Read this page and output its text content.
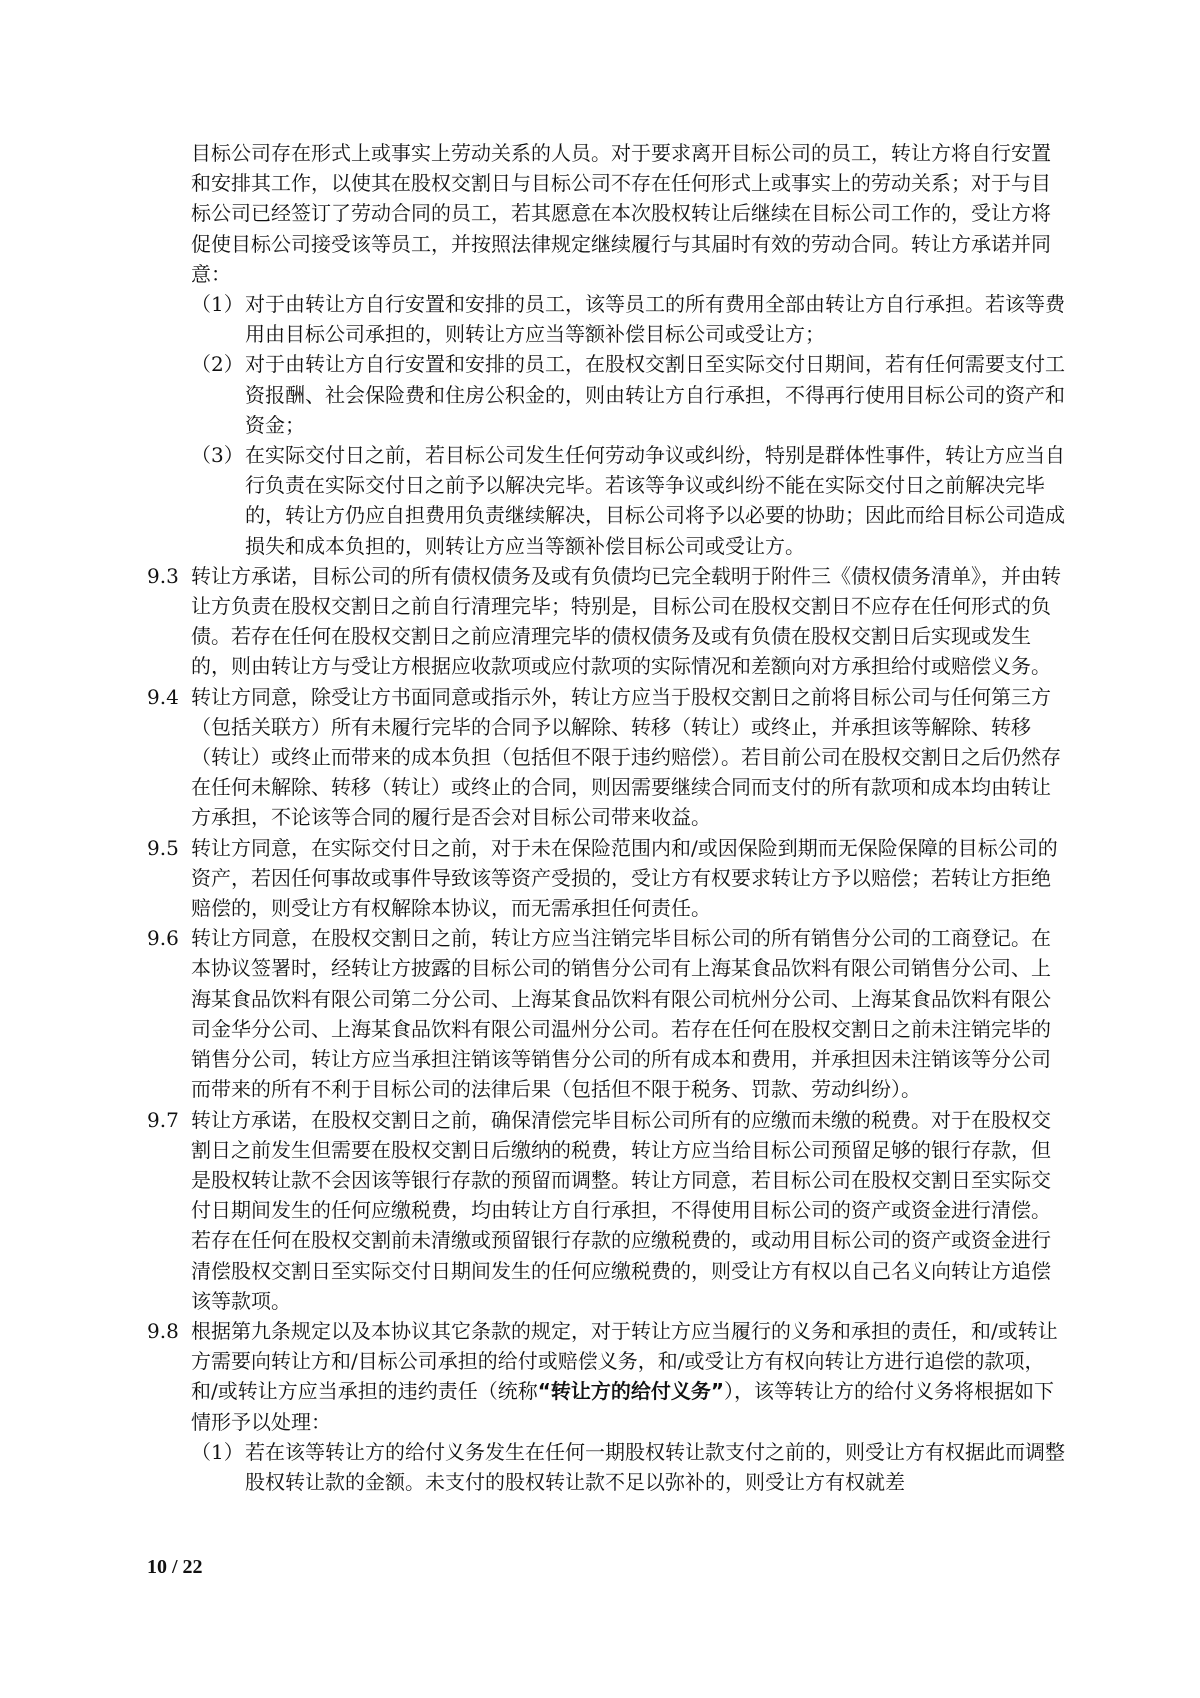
目标公司存在形式上或事实上劳动关系的人员。对于要求离开目标公司的员工，转让方将自行安置和安排其工作，以使其在股权交割日与目标公司不存在任何形式上或事实上的劳动关系；对于与目标公司已经签订了劳动合同的员工，若其愿意在本次股权转让后继续在目标公司工作的，受让方将促使目标公司接受该等员工，并按照法律规定继续履行与其届时有效的劳动合同。转让方承诺并同意：

（1） 对于由转让方自行安置和安排的员工，该等员工的所有费用全部由转让方自行承担。若该等费用由目标公司承担的，则转让方应当等额补偿目标公司或受让方；

（2） 对于由转让方自行安置和安排的员工，在股权交割日至实际交付日期间，若有任何需要支付工资报酬、社会保险费和住房公积金的，则由转让方自行承担，不得再行使用目标公司的资产和资金；

（3） 在实际交付日之前，若目标公司发生任何劳动争议或纠纷，特别是群体性事件，转让方应当自行负责在实际交付日之前予以解决完毕。若该等争议或纠纷不能在实际交付日之前解决完毕的，转让方仍应自担费用负责继续解决，目标公司将予以必要的协助；因此而给目标公司造成损失和成本负担的，则转让方应当等额补偿目标公司或受让方。

9.3 转让方承诺，目标公司的所有债权债务及或有负债均已完全载明于附件三《债权债务清单》，并由转让方负责在股权交割日之前自行清理完毕；特别是，目标公司在股权交割日不应存在任何形式的负债。若存在任何在股权交割日之前应清理完毕的债权债务及或有负债在股权交割日后实现或发生的，则由转让方与受让方根据应收款项或应付款项的实际情况和差额向对方承担给付或赔偿义务。

9.4 转让方同意，除受让方书面同意或指示外，转让方应当于股权交割日之前将目标公司与任何第三方（包括关联方）所有未履行完毕的合同予以解除、转移（转让）或终止，并承担该等解除、转移（转让）或终止而带来的成本负担（包括但不限于违约赔偿）。若目前公司在股权交割日之后仍然存在任何未解除、转移（转让）或终止的合同，则因需要继续合同而支付的所有款项和成本均由转让方承担，不论该等合同的履行是否会对目标公司带来收益。

9.5 转让方同意，在实际交付日之前，对于未在保险范围内和/或因保险到期而无保险保障的目标公司的资产，若因任何事故或事件导致该等资产受损的，受让方有权要求转让方予以赔偿；若转让方拒绝赔偿的，则受让方有权解除本协议，而无需承担任何责任。

9.6 转让方同意，在股权交割日之前，转让方应当注销完毕目标公司的所有销售分公司的工商登记。在本协议签署时，经转让方披露的目标公司的销售分公司有上海某食品饮料有限公司销售分公司、上海某食品饮料有限公司第二分公司、上海某食品饮料有限公司杭州分公司、上海某食品饮料有限公司金华分公司、上海某食品饮料有限公司温州分公司。若存在任何在股权交割日之前未注销完毕的销售分公司，转让方应当承担注销该等销售分公司的所有成本和费用，并承担因未注销该等分公司而带来的所有不利于目标公司的法律后果（包括但不限于税务、罚款、劳动纠纷）。

9.7 转让方承诺，在股权交割日之前，确保清偿完毕目标公司所有的应缴而未缴的税费。对于在股权交割日之前发生但需要在股权交割日后缴纳的税费，转让方应当给目标公司预留足够的银行存款，但是股权转让款不会因该等银行存款的预留而调整。转让方同意，若目标公司在股权交割日至实际交付日期间发生的任何应缴税费，均由转让方自行承担，不得使用目标公司的资产或资金进行清偿。若存在任何在股权交割前未清缴或预留银行存款的应缴税费的，或动用目标公司的资产或资金进行清偿股权交割日至实际交付日期间发生的任何应缴税费的，则受让方有权以自己名义向转让方追偿该等款项。

9.8 根据第九条规定以及本协议其它条款的规定，对于转让方应当履行的义务和承担的责任，和/或转让方需要向转让方和/目标公司承担的给付或赔偿义务，和/或受让方有权向转让方进行追偿的款项，和/或转让方应当承担的违约责任（统称“转让方的给付义务”），该等转让方的给付义务将根据如下情形予以处理：

（1） 若在该等转让方的给付义务发生在任何一期股权转让款支付之前的，则受让方有权据此而调整股权转让款的金额。未支付的股权转让款不足以弥补的，则受让方有权就差

10 / 22
